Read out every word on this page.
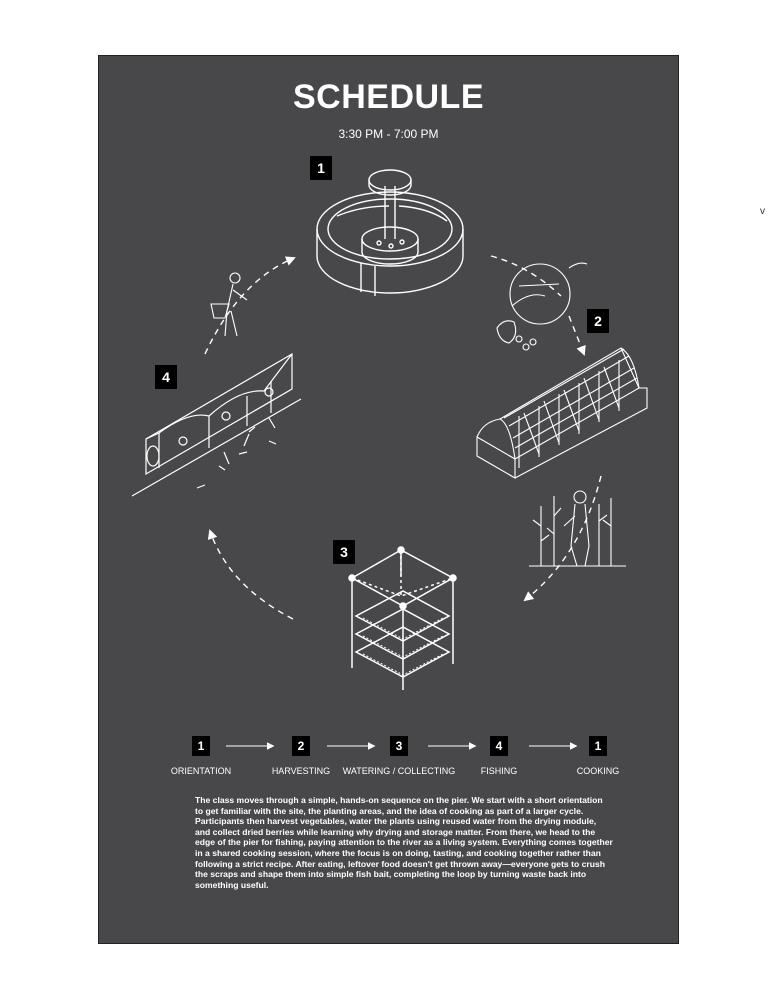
v
SCHEDULE
3:30 PM - 7:00 PM
1
2
3
4
1	2	3	4	1
ORIENTATION	HARVESTING	WATERING / COLLECTING	FISHING	COOKING
The class moves through a simple, hands-on sequence on the pier. We start with a short orientation to get familiar with the site, the planting areas, and the idea of cooking as part of a larger cycle. Participants then harvest vegetables, water the plants using reused water from the drying module, and collect dried berries while learning why drying and storage matter. From there, we head to the edge of the pier for fishing, paying attention to the river as a living system. Everything comes together in a shared cooking session, where the focus is on doing, tasting, and cooking together rather than following a strict recipe. After eating, leftover food doesn't get thrown away—everyone gets to crush the scraps and shape them into simple fish bait, completing the loop by turning waste back into something useful.
